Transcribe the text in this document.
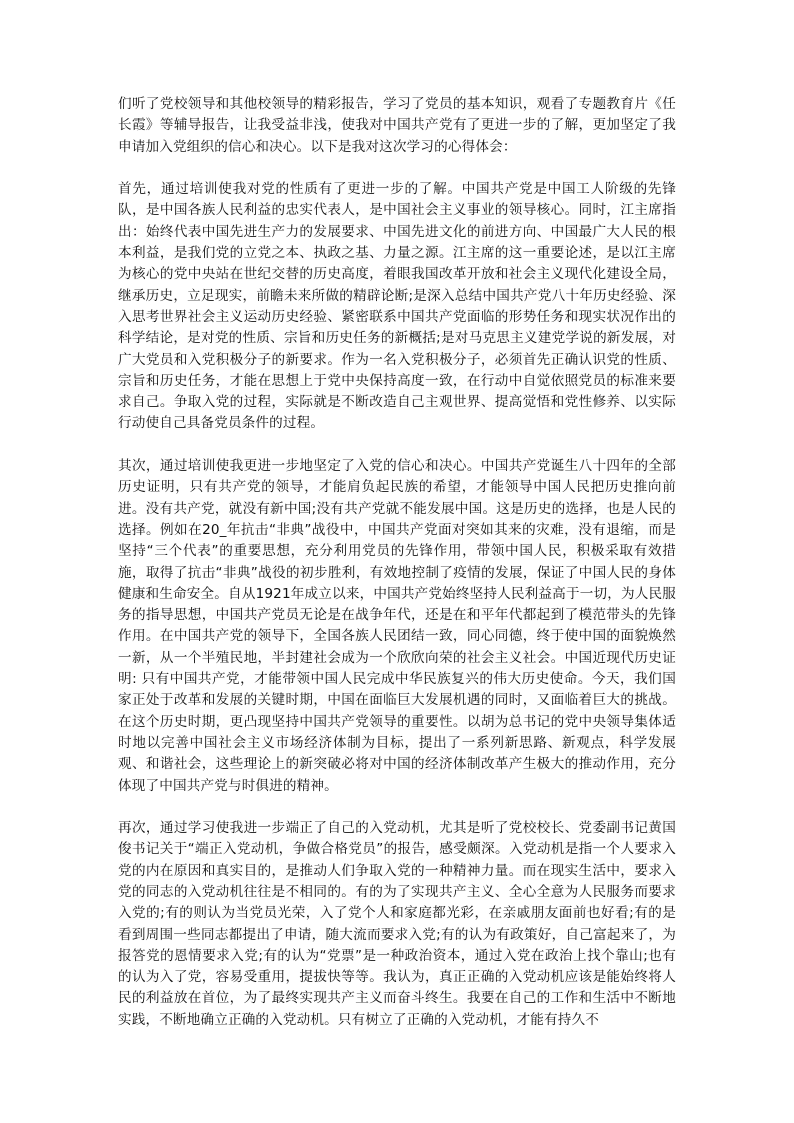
们听了党校领导和其他校领导的精彩报告，学习了党员的基本知识，观看了专题教育片《任长霞》等辅导报告，让我受益非浅，使我对中国共产党有了更进一步的了解，更加坚定了我申请加入党组织的信心和决心。以下是我对这次学习的心得体会：

首先，通过培训使我对党的性质有了更进一步的了解。中国共产党是中国工人阶级的先锋队，是中国各族人民利益的忠实代表人，是中国社会主义事业的领导核心。同时，江主席指出：始终代表中国先进生产力的发展要求、中国先进文化的前进方向、中国最广大人民的根本利益，是我们党的立党之本、执政之基、力量之源。江主席的这一重要论述，是以江主席为核心的党中央站在世纪交替的历史高度，着眼我国改革开放和社会主义现代化建设全局，继承历史，立足现实，前瞻未来所做的精辟论断;是深入总结中国共产党八十年历史经验、深入思考世界社会主义运动历史经验、紧密联系中国共产党面临的形势任务和现实状况作出的科学结论，是对党的性质、宗旨和历史任务的新概括;是对马克思主义建党学说的新发展，对广大党员和入党积极分子的新要求。作为一名入党积极分子，必须首先正确认识党的性质、宗旨和历史任务，才能在思想上于党中央保持高度一致，在行动中自觉依照党员的标准来要求自己。争取入党的过程，实际就是不断改造自己主观世界、提高觉悟和党性修养、以实际行动使自己具备党员条件的过程。

其次，通过培训使我更进一步地坚定了入党的信心和决心。中国共产党诞生八十四年的全部历史证明，只有共产党的领导，才能肩负起民族的希望，才能领导中国人民把历史推向前进。没有共产党，就没有新中国;没有共产党就不能发展中国。这是历史的选择，也是人民的选择。例如在20_年抗击“非典”战役中，中国共产党面对突如其来的灾难，没有退缩，而是坚持“三个代表”的重要思想，充分利用党员的先锋作用，带领中国人民，积极采取有效措施，取得了抗击“非典”战役的初步胜利，有效地控制了疫情的发展，保证了中国人民的身体健康和生命安全。自从1921年成立以来，中国共产党始终坚持人民利益高于一切，为人民服务的指导思想，中国共产党员无论是在战争年代，还是在和平年代都起到了模范带头的先锋作用。在中国共产党的领导下，全国各族人民团结一致，同心同德，终于使中国的面貌焕然一新，从一个半殖民地，半封建社会成为一个欣欣向荣的社会主义社会。中国近现代历史证明: 只有中国共产党，才能带领中国人民完成中华民族复兴的伟大历史使命。今天，我们国家正处于改革和发展的关键时期，中国在面临巨大发展机遇的同时，又面临着巨大的挑战。在这个历史时期，更凸现坚持中国共产党领导的重要性。以胡为总书记的党中央领导集体适时地以完善中国社会主义市场经济体制为目标，提出了一系列新思路、新观点，科学发展观、和谐社会，这些理论上的新突破必将对中国的经济体制改革产生极大的推动作用，充分体现了中国共产党与时俱进的精神。

再次，通过学习使我进一步端正了自己的入党动机，尤其是听了党校校长、党委副书记黄国俊书记关于“端正入党动机，争做合格党员”的报告，感受颇深。入党动机是指一个人要求入党的内在原因和真实目的，是推动人们争取入党的一种精神力量。而在现实生活中，要求入党的同志的入党动机往往是不相同的。有的为了实现共产主义、全心全意为人民服务而要求入党的;有的则认为当党员光荣，入了党个人和家庭都光彩，在亲戚朋友面前也好看;有的是看到周围一些同志都提出了申请，随大流而要求入党;有的认为有政策好，自己富起来了，为报答党的恩情要求入党;有的认为“党票”是一种政治资本，通过入党在政治上找个靠山;也有的认为入了党，容易受重用，提拔快等等。我认为，真正正确的入党动机应该是能始终将人民的利益放在首位，为了最终实现共产主义而奋斗终生。我要在自己的工作和生活中不断地实践，不断地确立正确的入党动机。只有树立了正确的入党动机，才能有持久不
